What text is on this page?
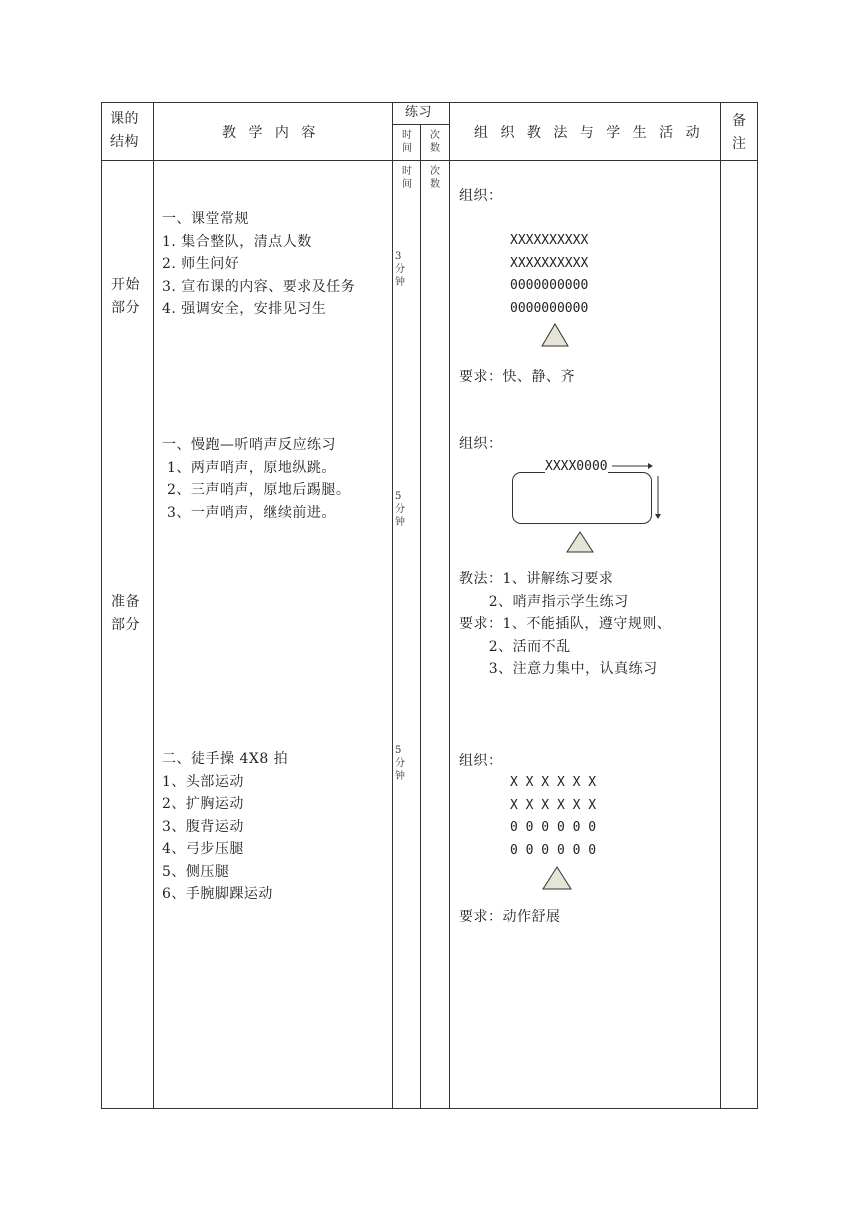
课的
结构
教 学 内 容
练习
时
间
次
数
组 织 教 法 与 学 生 活 动
备
注
时
间
次
数
开始
部分
一、课堂常规
1. 集合整队，清点人数
2. 师生问好
3. 宣布课的内容、要求及任务
4. 强调安全，安排见习生
3
分
钟
组织：
XXXXXXXXXX
XXXXXXXXXX
0000000000
0000000000
要求：快、静、齐
准备
部分
一、慢跑—听哨声反应练习
1、两声哨声，原地纵跳。
2、三声哨声，原地后踢腿。
3、一声哨声，继续前进。
5
分
钟
组织：
XXXX0000
教法：1、讲解练习要求
2、哨声指示学生练习
要求：1、不能插队，遵守规则、
2、活而不乱
3、注意力集中，认真练习
二、徒手操 4X8 拍
1、头部运动
2、扩胸运动
3、腹背运动
4、弓步压腿
5、侧压腿
6、手腕脚踝运动
5
分
钟
组织：
X X X X X X
X X X X X X
0 0 0 0 0 0
0 0 0 0 0 0
要求：动作舒展
